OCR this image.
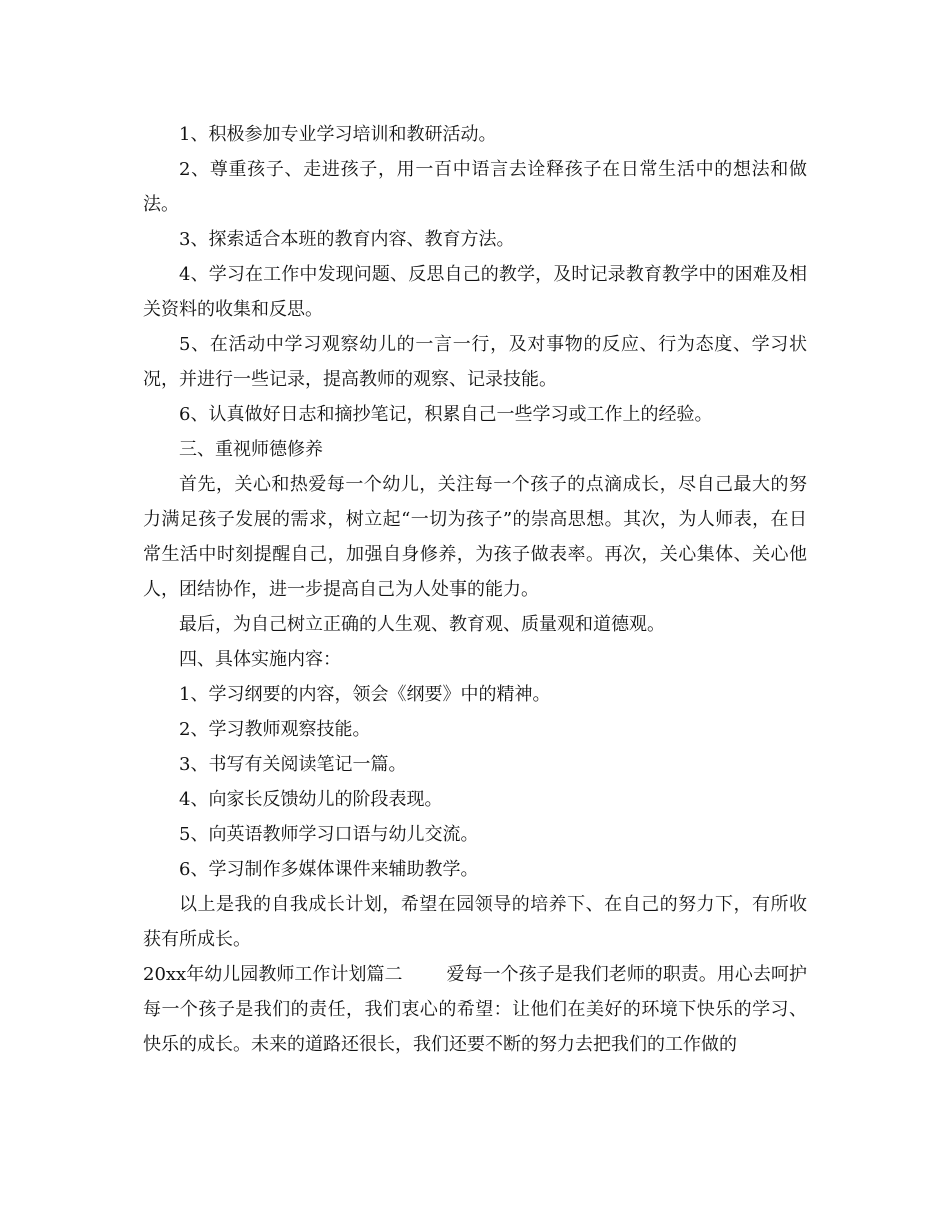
1、积极参加专业学习培训和教研活动。

2、尊重孩子、走进孩子，用一百中语言去诠释孩子在日常生活中的想法和做法。

3、探索适合本班的教育内容、教育方法。

4、学习在工作中发现问题、反思自己的教学，及时记录教育教学中的困难及相关资料的收集和反思。

5、在活动中学习观察幼儿的一言一行，及对事物的反应、行为态度、学习状况，并进行一些记录，提高教师的观察、记录技能。

6、认真做好日志和摘抄笔记，积累自己一些学习或工作上的经验。

三、重视师德修养

首先，关心和热爱每一个幼儿，关注每一个孩子的点滴成长，尽自己最大的努力满足孩子发展的需求，树立起“一切为孩子”的崇高思想。其次，为人师表，在日常生活中时刻提醒自己，加强自身修养，为孩子做表率。再次，关心集体、关心他人，团结协作，进一步提高自己为人处事的能力。

最后，为自己树立正确的人生观、教育观、质量观和道德观。

四、具体实施内容：

1、学习纲要的内容，领会《纲要》中的精神。

2、学习教师观察技能。

3、书写有关阅读笔记一篇。

4、向家长反馈幼儿的阶段表现。

5、向英语教师学习口语与幼儿交流。

6、学习制作多媒体课件来辅助教学。

以上是我的自我成长计划，希望在园领导的培养下、在自己的努力下，有所收获有所成长。

20xx年幼儿园教师工作计划篇二 爱每一个孩子是我们老师的职责。用心去呵护每一个孩子是我们的责任，我们衷心的希望：让他们在美好的环境下快乐的学习、快乐的成长。未来的道路还很长，我们还要不断的努力去把我们的工作做的
